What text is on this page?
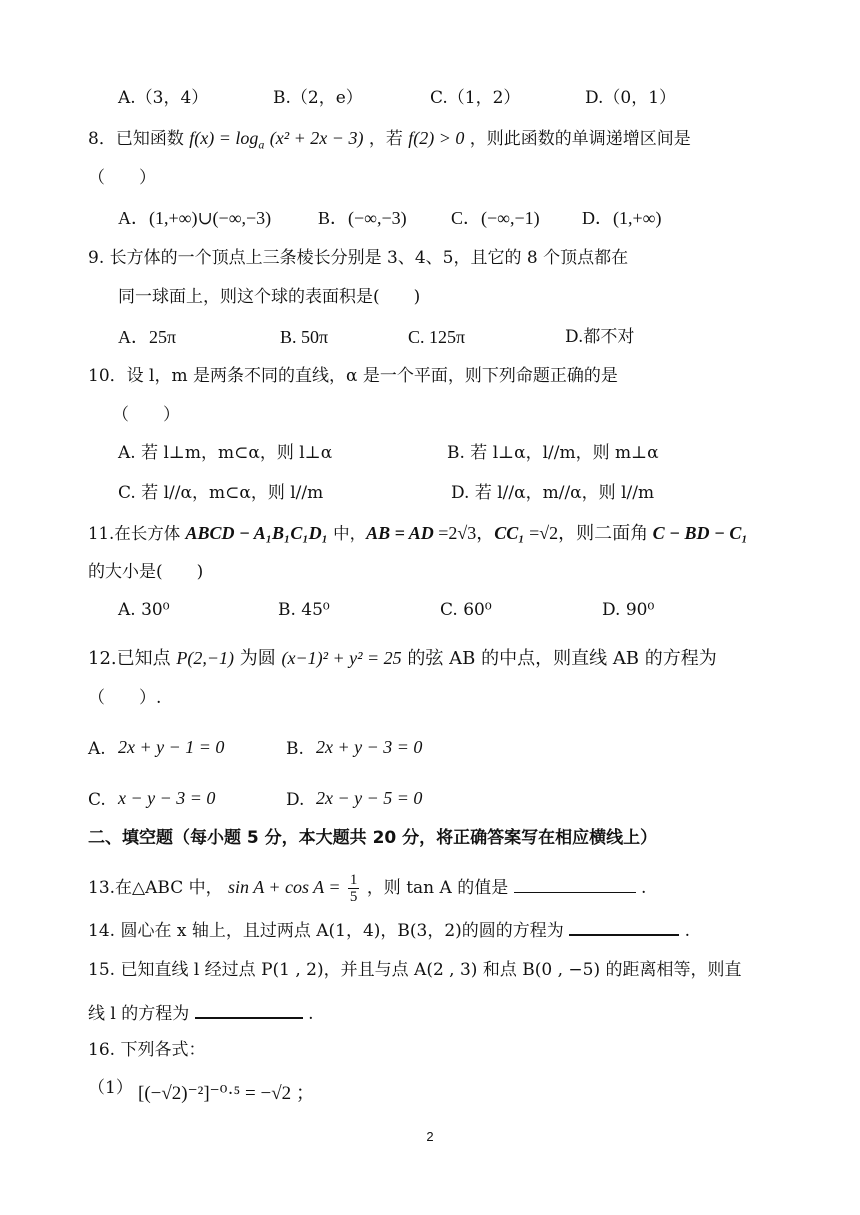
A.（3，4）	B.（2，e）	C.（1，2）	D.（0，1）
8．已知函数 $f(x) = \log_a (x^2 + 2x - 3)$ ，若 f(2) > 0 ，则此函数的单调递增区间是
（　　）
A．(1,+∞)∪(−∞,−3)	B．(−∞,−3) C．(−∞,−1) D．(1,+∞)
9. 长方体的一个顶点上三条棱长分别是 3、4、5，且它的 8 个顶点都在
同一球面上，则这个球的表面积是(　　)
A．25π	B. 50π	C. 125π	D.都不对
10．设 l，m 是两条不同的直线，α 是一个平面，则下列命题正确的是
（　　）
A. 若 l⊥m，m⊂α，则 l⊥α	B. 若 l⊥α，l//m，则 m⊥α
C. 若 l//α，m⊂α，则 l//m	D. 若 l//α，m//α，则 l//m
11.在长方体 ABCD − A₁B₁C₁D₁ 中，AB = AD =2√3，CC₁ =√2，则二面角 C − BD − C₁
的大小是(　　)
A. 30⁰	B. 45⁰	C. 60⁰	D. 90⁰
12.已知点 P(2,−1) 为圆 (x−1)² + y² = 25 的弦 AB 的中点，则直线 AB 的方程为
（　　）.
A. 2x + y − 1 = 0	B. 2x + y − 3 = 0
C. x − y − 3 = 0	D. 2x − y − 5 = 0
二、填空题（每小题 5 分，本大题共 20 分，将正确答案写在相应横线上）
13.在△ABC 中， $\sin A + \cos A = \frac{1}{5}$ ，则 tan A 的值是	.
14. 圆心在 x 轴上，且过两点 A(1，4)，B(3，2)的圆的方程为	.
15. 已知直线 l 经过点 P(1 , 2)，并且与点 A(2 , 3) 和点 B(0 , −5) 的距离相等，则直
线 l 的方程为	.
16. 下列各式：
（1） [(−√2)⁻²]⁻⁰·⁵ = −√2 ；
2
